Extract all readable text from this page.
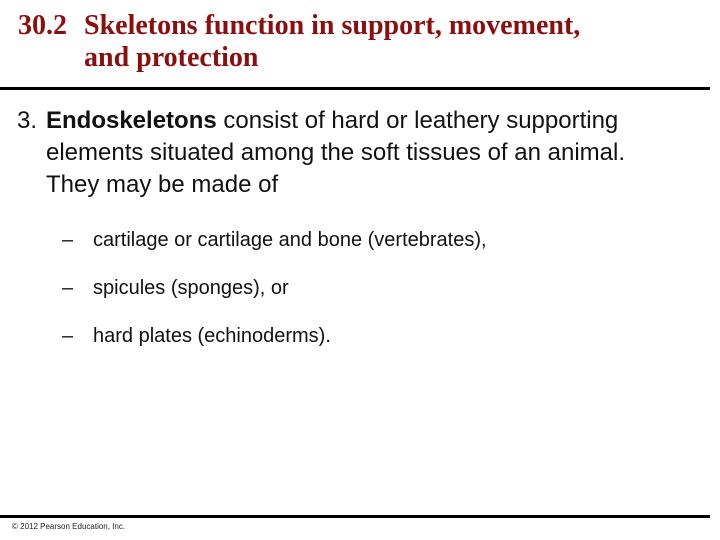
30.2 Skeletons function in support, movement,
and protection
3. Endoskeletons consist of hard or leathery supporting elements situated among the soft tissues of an animal. They may be made of
– cartilage or cartilage and bone (vertebrates),
– spicules (sponges), or
– hard plates (echinoderms).
© 2012 Pearson Education, Inc.
